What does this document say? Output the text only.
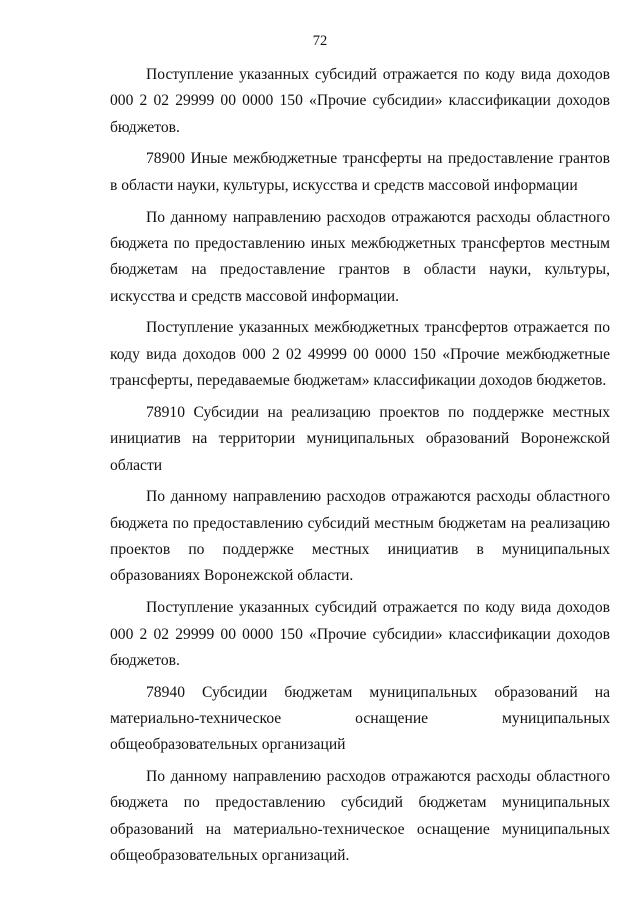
72

Поступление указанных субсидий отражается по коду вида доходов 000 2 02 29999 00 0000 150 «Прочие субсидии» классификации доходов бюджетов.

78900 Иные межбюджетные трансферты на предоставление грантов в области науки, культуры, искусства и средств массовой информации

По данному направлению расходов отражаются расходы областного бюджета по предоставлению иных межбюджетных трансфертов местным бюджетам на предоставление грантов в области науки, культуры, искусства и средств массовой информации.

Поступление указанных межбюджетных трансфертов отражается по коду вида доходов 000 2 02 49999 00 0000 150 «Прочие межбюджетные трансферты, передаваемые бюджетам» классификации доходов бюджетов.

78910 Субсидии на реализацию проектов по поддержке местных инициатив на территории муниципальных образований Воронежской области

По данному направлению расходов отражаются расходы областного бюджета по предоставлению субсидий местным бюджетам на реализацию проектов по поддержке местных инициатив в муниципальных образованиях Воронежской области.

Поступление указанных субсидий отражается по коду вида доходов 000 2 02 29999 00 0000 150 «Прочие субсидии» классификации доходов бюджетов.

78940 Субсидии бюджетам муниципальных образований на материально-техническое оснащение муниципальных общеобразовательных организаций

По данному направлению расходов отражаются расходы областного бюджета по предоставлению субсидий бюджетам муниципальных образований на материально-техническое оснащение муниципальных общеобразовательных организаций.
